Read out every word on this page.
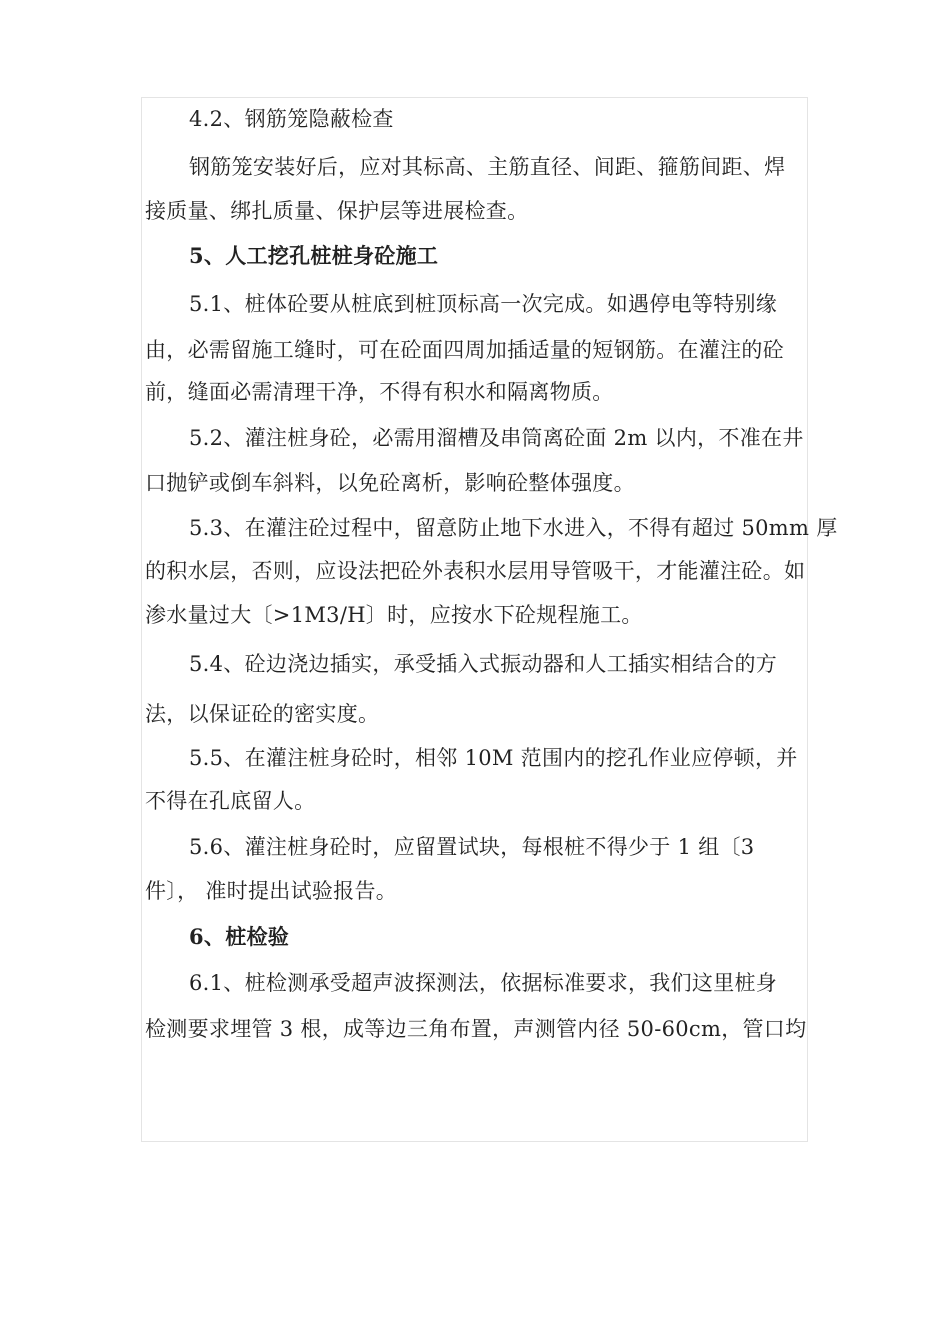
4.2、钢筋笼隐蔽检查
钢筋笼安装好后，应对其标高、主筋直径、间距、箍筋间距、焊
接质量、绑扎质量、保护层等进展检查。
5、人工挖孔桩桩身砼施工
5.1、桩体砼要从桩底到桩顶标高一次完成。如遇停电等特别缘
由，必需留施工缝时，可在砼面四周加插适量的短钢筋。在灌注的砼
前，缝面必需清理干净，不得有积水和隔离物质。
5.2、灌注桩身砼，必需用溜槽及串筒离砼面 2m 以内，不准在井
口抛铲或倒车斜料，以免砼离析，影响砼整体强度。
5.3、在灌注砼过程中，留意防止地下水进入，不得有超过 50mm 厚
的积水层，否则，应设法把砼外表积水层用导管吸干，才能灌注砼。如
渗水量过大〔>1M3/H〕时，应按水下砼规程施工。
5.4、砼边浇边插实，承受插入式振动器和人工插实相结合的方
法，以保证砼的密实度。
5.5、在灌注桩身砼时，相邻 10M 范围内的挖孔作业应停顿，并
不得在孔底留人。
5.6、灌注桩身砼时，应留置试块，每根桩不得少于 1 组〔3
件〕， 准时提出试验报告。
6、桩检验
6.1、桩检测承受超声波探测法，依据标准要求，我们这里桩身
检测要求埋管 3 根，成等边三角布置，声测管内径 50-60cm，管口均
